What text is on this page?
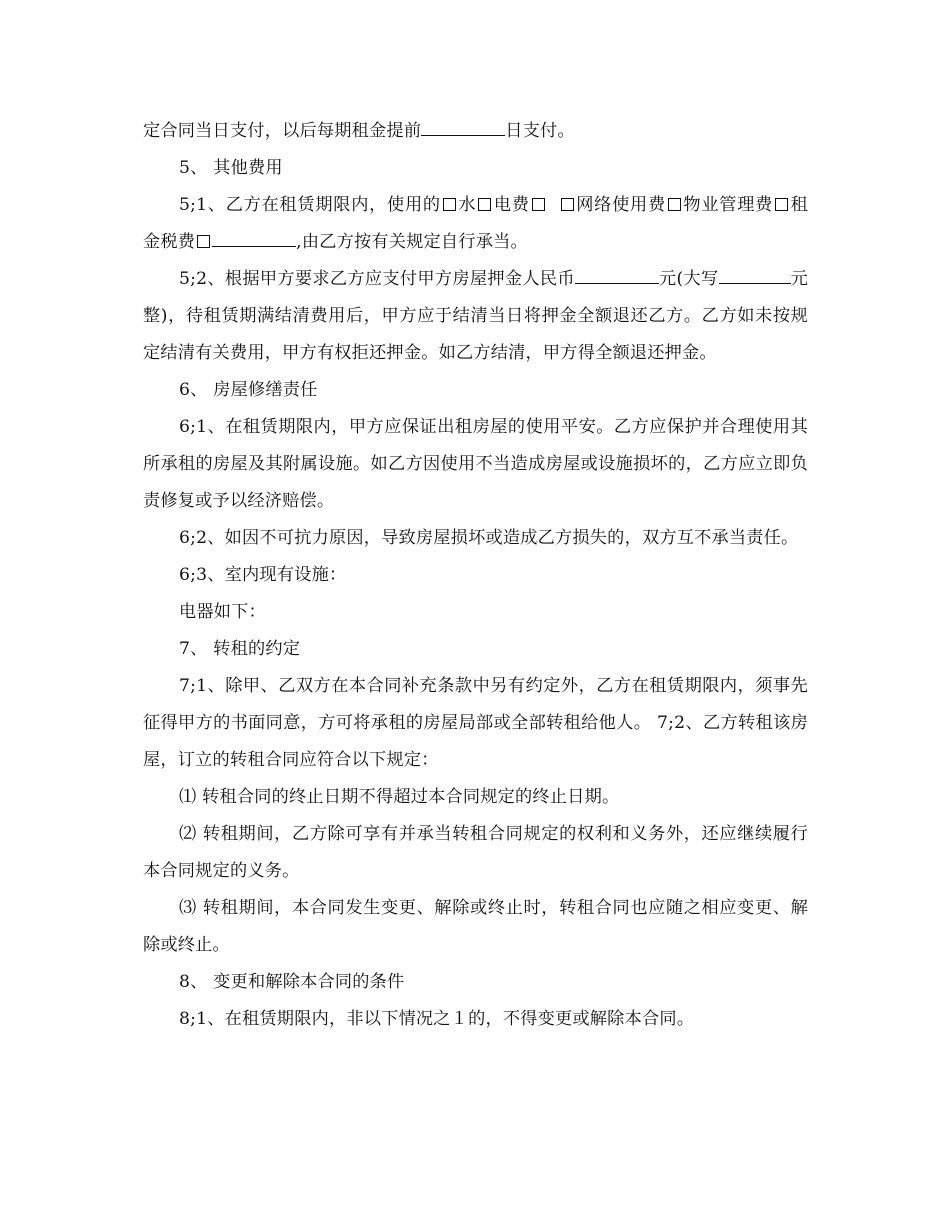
定合同当日支付，以后每期租金提前	日支付。

5、 其他费用

5;1、乙方在租赁期限内，使用的 水 电费	网络使用费 物业管理费 租金税费	,由乙方按有关规定自行承当。

5;2、根据甲方要求乙方应支付甲方房屋押金人民币	元(大写	元整)，待租赁期满结清费用后，甲方应于结清当日将押金全额退还乙方。乙方如未按规定结清有关费用，甲方有权拒还押金。如乙方结清，甲方得全额退还押金。

6、 房屋修缮责任

6;1、在租赁期限内，甲方应保证出租房屋的使用平安。乙方应保护并合理使用其所承租的房屋及其附属设施。如乙方因使用不当造成房屋或设施损坏的，乙方应立即负责修复或予以经济赔偿。

6;2、如因不可抗力原因，导致房屋损坏或造成乙方损失的，双方互不承当责任。

6;3、室内现有设施：

电器如下：

7、 转租的约定

7;1、除甲、乙双方在本合同补充条款中另有约定外，乙方在租赁期限内，须事先征得甲方的书面同意，方可将承租的房屋局部或全部转租给他人。 7;2、乙方转租该房屋，订立的转租合同应符合以下规定：

⑴ 转租合同的终止日期不得超过本合同规定的终止日期。

⑵ 转租期间，乙方除可享有并承当转租合同规定的权利和义务外，还应继续履行本合同规定的义务。

⑶ 转租期间，本合同发生变更、解除或终止时，转租合同也应随之相应变更、解除或终止。

8、 变更和解除本合同的条件

8;1、在租赁期限内，非以下情况之１的，不得变更或解除本合同。
